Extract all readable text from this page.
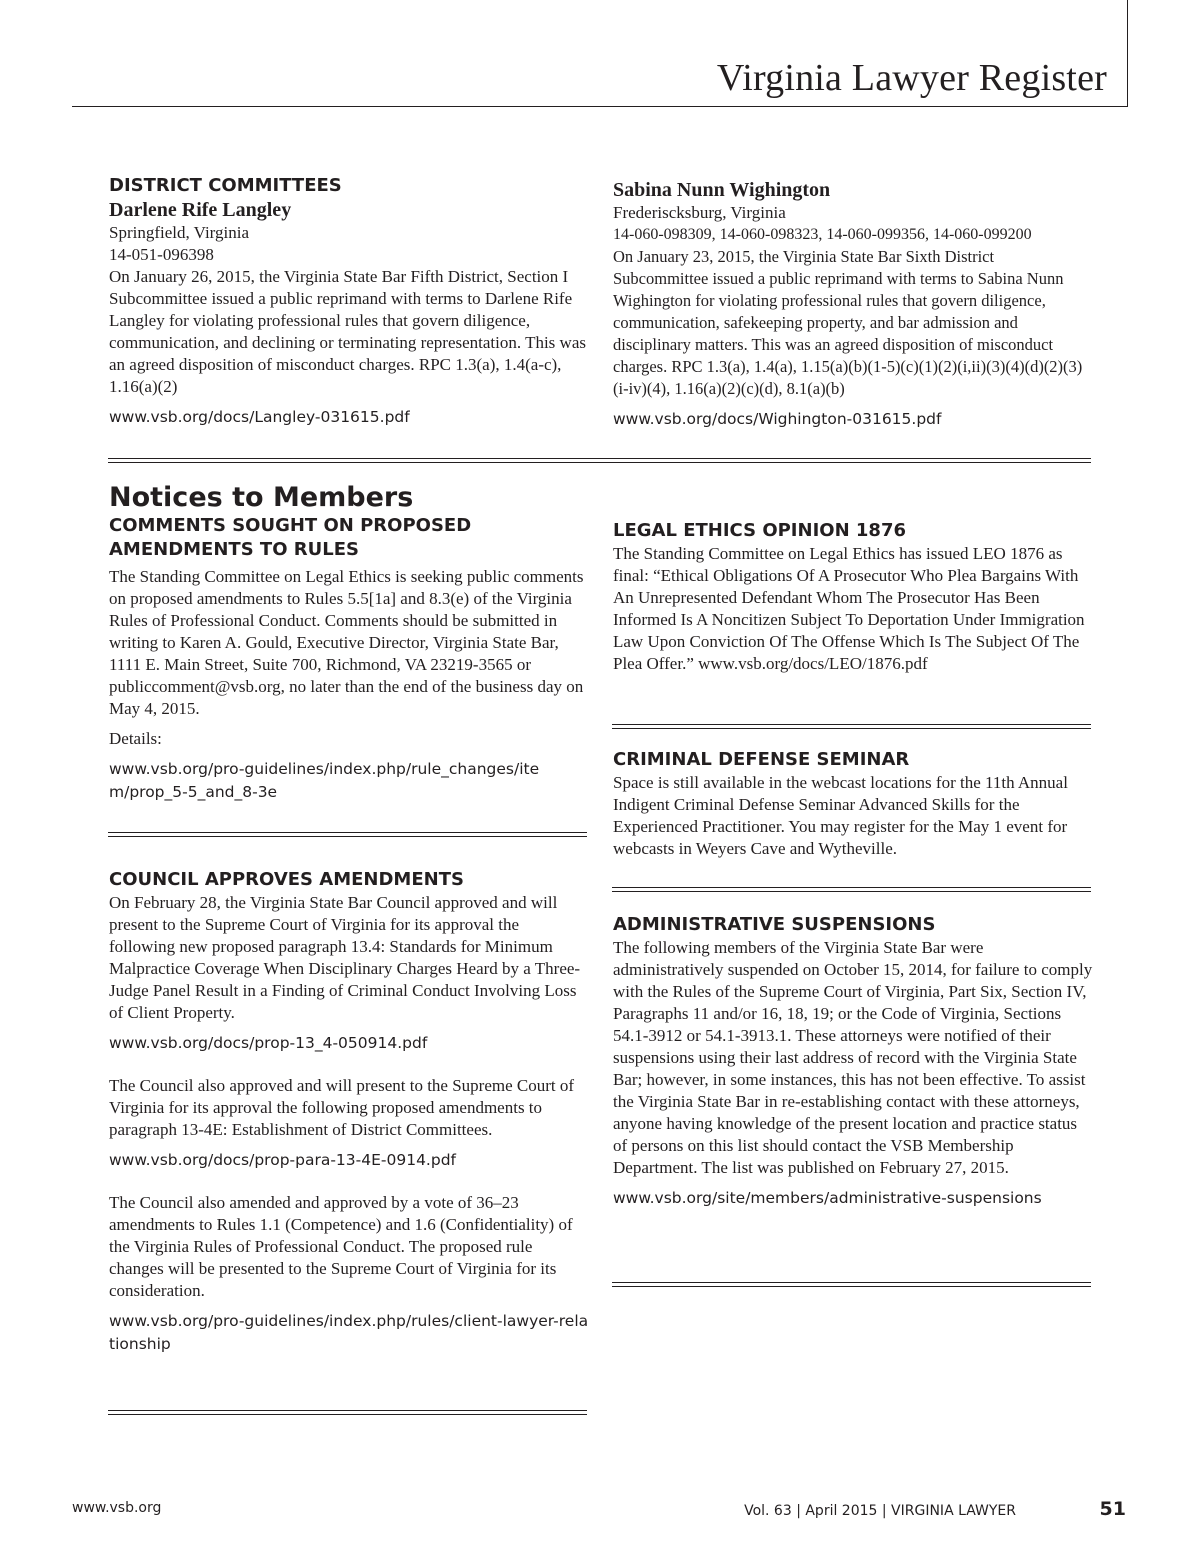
Virginia Lawyer Register

DISTRICT COMMITTEES

Darlene Rife Langley

Springfield, Virginia

14-051-096398

On January 26, 2015, the Virginia State Bar Fifth District, Section I Subcommittee issued a public reprimand with terms to Darlene Rife Langley for violating professional rules that govern diligence, communication, and declining or terminating representation. This was an agreed disposition of misconduct charges. RPC 1.3(a), 1.4(a-c), 1.16(a)(2)

www.vsb.org/docs/Langley-031615.pdf

Sabina Nunn Wighington

Frederiscksburg, Virginia

14-060-098309, 14-060-098323, 14-060-099356, 14-060-099200

On January 23, 2015, the Virginia State Bar Sixth District Subcommittee issued a public reprimand with terms to Sabina Nunn Wighington for violating professional rules that govern diligence, communication, safekeeping property, and bar admission and disciplinary matters. This was an agreed disposition of misconduct charges. RPC 1.3(a), 1.4(a), 1.15(a)(b)(1-5)(c)(1)(2)(i,ii)(3)(4)(d)(2)(3)(i-iv)(4), 1.16(a)(2)(c)(d), 8.1(a)(b)

www.vsb.org/docs/Wighington-031615.pdf

Notices to Members

COMMENTS SOUGHT ON PROPOSED AMENDMENTS TO RULES

The Standing Committee on Legal Ethics is seeking public comments on proposed amendments to Rules 5.5[1a] and 8.3(e) of the Virginia Rules of Professional Conduct. Comments should be submitted in writing to Karen A. Gould, Executive Director, Virginia State Bar, 1111 E. Main Street, Suite 700, Richmond, VA 23219-3565 or publiccomment@vsb.org, no later than the end of the business day on May 4, 2015.

Details:

www.vsb.org/pro-guidelines/index.php/rule_changes/item/prop_5-5_and_8-3e

COUNCIL APPROVES AMENDMENTS

On February 28, the Virginia State Bar Council approved and will present to the Supreme Court of Virginia for its approval the following new proposed paragraph 13.4: Standards for Minimum Malpractice Coverage When Disciplinary Charges Heard by a Three-Judge Panel Result in a Finding of Criminal Conduct Involving Loss of Client Property.

www.vsb.org/docs/prop-13_4-050914.pdf

The Council also approved and will present to the Supreme Court of Virginia for its approval the following proposed amendments to paragraph 13-4E: Establishment of District Committees.

www.vsb.org/docs/prop-para-13-4E-0914.pdf

The Council also amended and approved by a vote of 36–23 amendments to Rules 1.1 (Competence) and 1.6 (Confidentiality) of the Virginia Rules of Professional Conduct. The proposed rule changes will be presented to the Supreme Court of Virginia for its consideration.

www.vsb.org/pro-guidelines/index.php/rules/client-lawyer-relationship

LEGAL ETHICS OPINION 1876

The Standing Committee on Legal Ethics has issued LEO 1876 as final: “Ethical Obligations Of A Prosecutor Who Plea Bargains With An Unrepresented Defendant Whom The Prosecutor Has Been Informed Is A Noncitizen Subject To Deportation Under Immigration Law Upon Conviction Of The Offense Which Is The Subject Of The Plea Offer.” www.vsb.org/docs/LEO/1876.pdf

CRIMINAL DEFENSE SEMINAR

Space is still available in the webcast locations for the 11th Annual Indigent Criminal Defense Seminar Advanced Skills for the Experienced Practitioner. You may register for the May 1 event for webcasts in Weyers Cave and Wytheville.

ADMINISTRATIVE SUSPENSIONS

The following members of the Virginia State Bar were administratively suspended on October 15, 2014, for failure to comply with the Rules of the Supreme Court of Virginia, Part Six, Section IV, Paragraphs 11 and/or 16, 18, 19; or the Code of Virginia, Sections 54.1-3912 or 54.1-3913.1. These attorneys were notified of their suspensions using their last address of record with the Virginia State Bar; however, in some instances, this has not been effective. To assist the Virginia State Bar in re-establishing contact with these attorneys, anyone having knowledge of the present location and practice status of persons on this list should contact the VSB Membership Department. The list was published on February 27, 2015.

www.vsb.org/site/members/administrative-suspensions

www.vsb.org	Vol. 63 | April 2015 | VIRGINIA LAWYER	51
